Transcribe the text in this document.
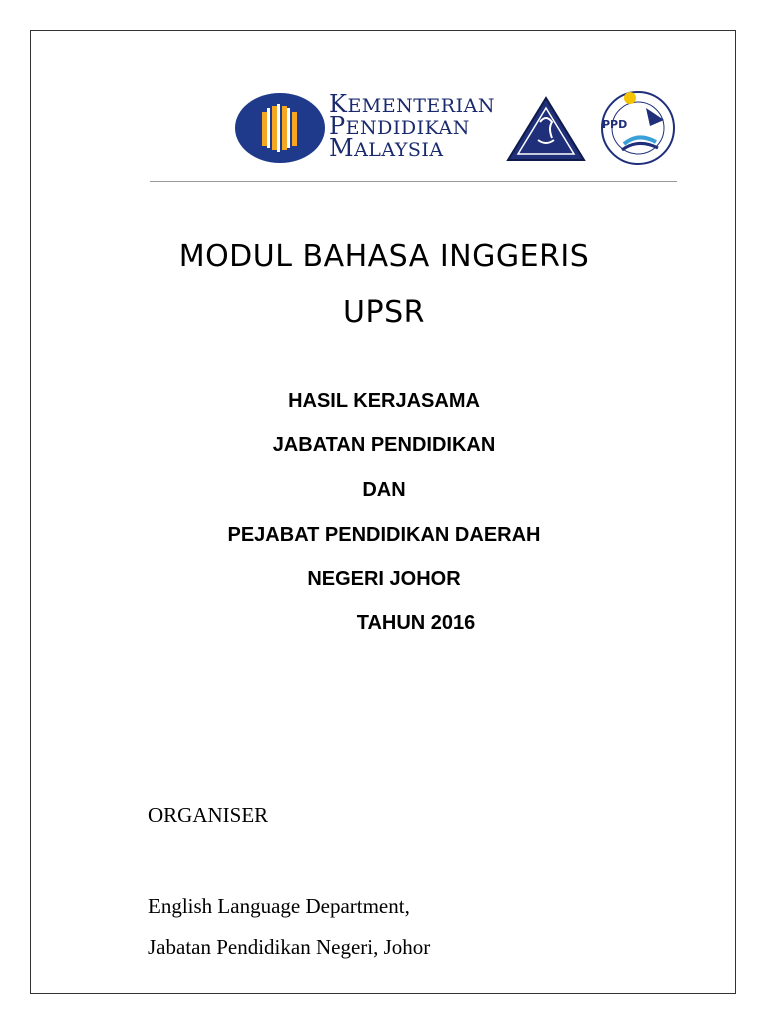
KEMENTERIAN
PENDIDIKAN
MALAYSIA
PPD
MODUL BAHASA INGGERIS
UPSR
HASIL KERJASAMA
JABATAN PENDIDIKAN
DAN
PEJABAT PENDIDIKAN DAERAH
NEGERI JOHOR
TAHUN 2016
ORGANISER
English Language Department,
Jabatan Pendidikan Negeri, Johor
